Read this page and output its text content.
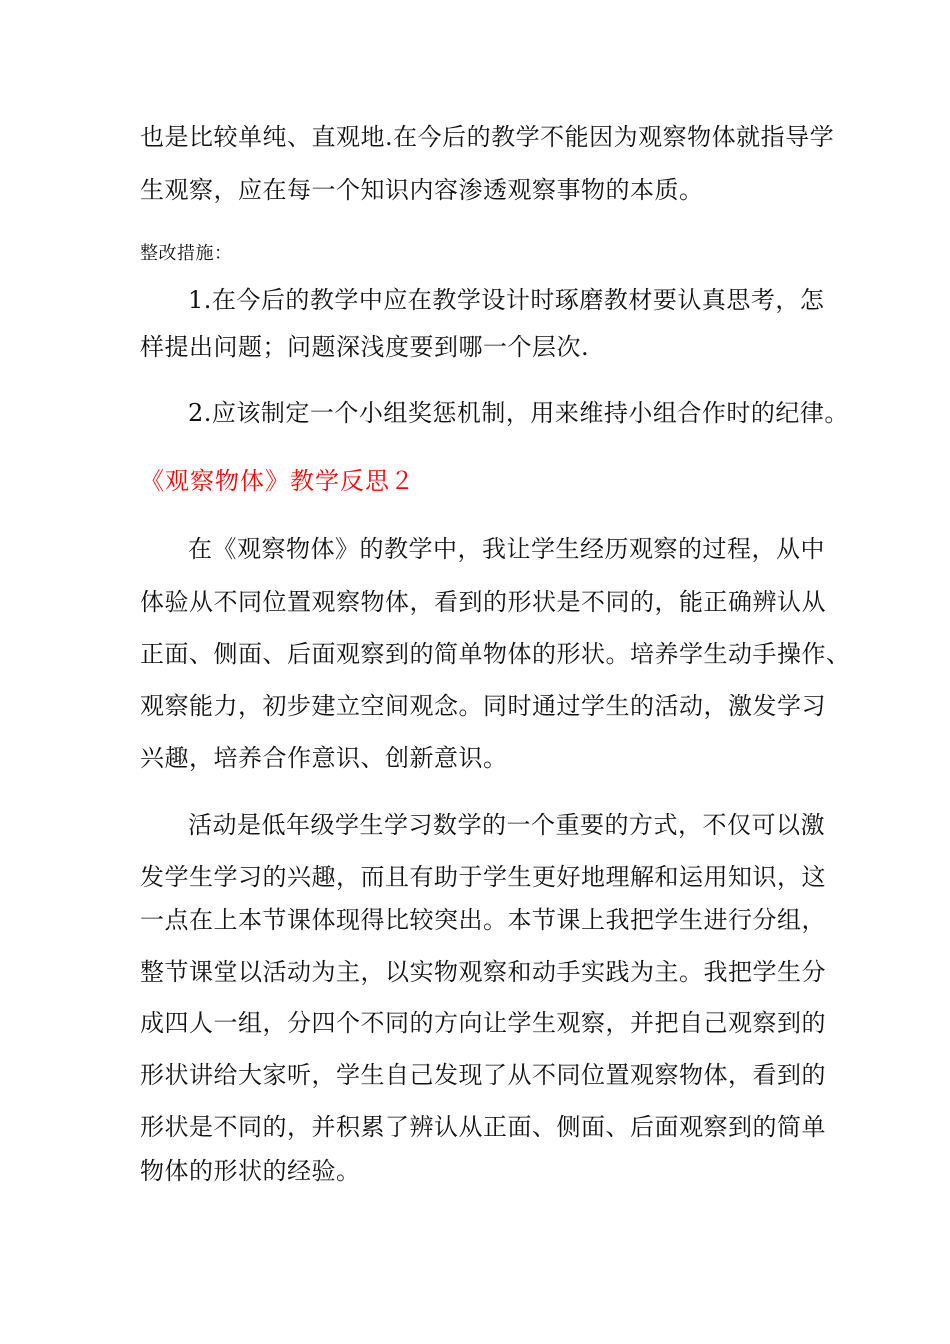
也是比较单纯、直观地.在今后的教学不能因为观察物体就指导学
生观察，应在每一个知识内容渗透观察事物的本质。
整改措施：
1.在今后的教学中应在教学设计时琢磨教材要认真思考，怎
样提出问题；问题深浅度要到哪一个层次.
2.应该制定一个小组奖惩机制，用来维持小组合作时的纪律。
《观察物体》教学反思２
在《观察物体》的教学中，我让学生经历观察的过程，从中
体验从不同位置观察物体，看到的形状是不同的，能正确辨认从
正面、侧面、后面观察到的简单物体的形状。培养学生动手操作、
观察能力，初步建立空间观念。同时通过学生的活动，激发学习
兴趣，培养合作意识、创新意识。
活动是低年级学生学习数学的一个重要的方式，不仅可以激
发学生学习的兴趣，而且有助于学生更好地理解和运用知识，这
一点在上本节课体现得比较突出。本节课上我把学生进行分组，
整节课堂以活动为主，以实物观察和动手实践为主。我把学生分
成四人一组，分四个不同的方向让学生观察，并把自己观察到的
形状讲给大家听，学生自己发现了从不同位置观察物体，看到的
形状是不同的，并积累了辨认从正面、侧面、后面观察到的简单
物体的形状的经验。
